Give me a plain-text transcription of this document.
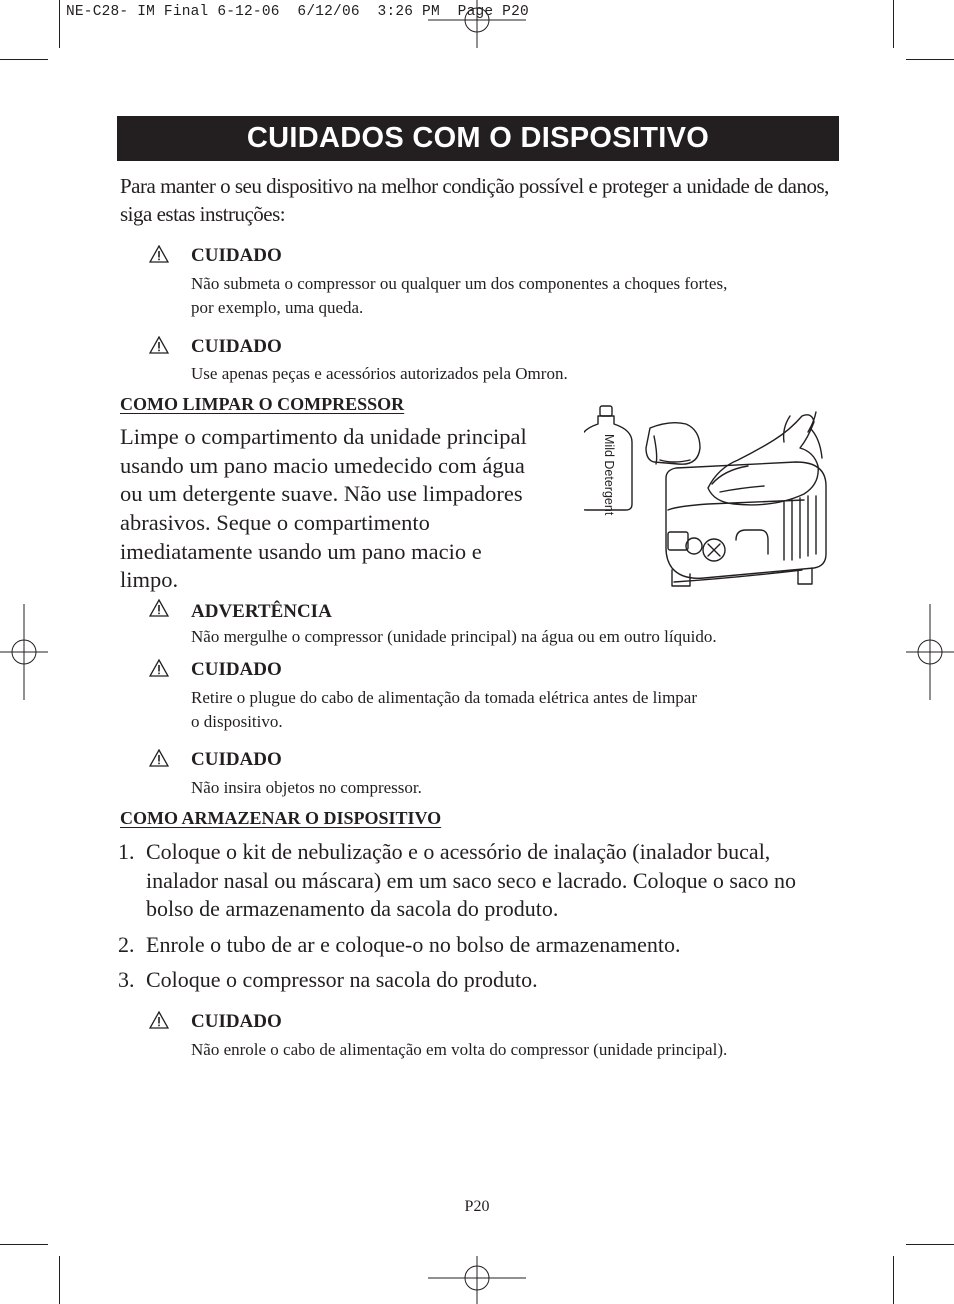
NE-C28- IM Final 6-12-06  6/12/06  3:26 PM  Page P20
CUIDADOS COM O DISPOSITIVO
Para manter o seu dispositivo na melhor condição possível e proteger a unidade de danos, siga estas instruções:
CUIDADO
Não submeta o compressor ou qualquer um dos componentes a choques fortes,
por exemplo, uma queda.
CUIDADO
Use apenas peças e acessórios autorizados pela Omron.
COMO LIMPAR O COMPRESSOR
Limpe o compartimento da unidade principal
usando um pano macio umedecido com água
ou um detergente suave. Não use limpadores
abrasivos. Seque o compartimento
imediatamente usando um pano macio e
limpo.
Mild Detergent
ADVERTÊNCIA
Não mergulhe o compressor (unidade principal) na água ou em outro líquido.
CUIDADO
Retire o plugue do cabo de alimentação da tomada elétrica antes de limpar
o dispositivo.
CUIDADO
Não insira objetos no compressor.
COMO ARMAZENAR O DISPOSITIVO
1. Coloque o kit de nebulização e o acessório de inalação (inalador bucal, inalador nasal ou máscara) em um saco seco e lacrado. Coloque o saco no bolso de armazenamento da sacola do produto.
2. Enrole o tubo de ar e coloque-o no bolso de armazenamento.
3. Coloque o compressor na sacola do produto.
CUIDADO
Não enrole o cabo de alimentação em volta do compressor (unidade principal).
P20
